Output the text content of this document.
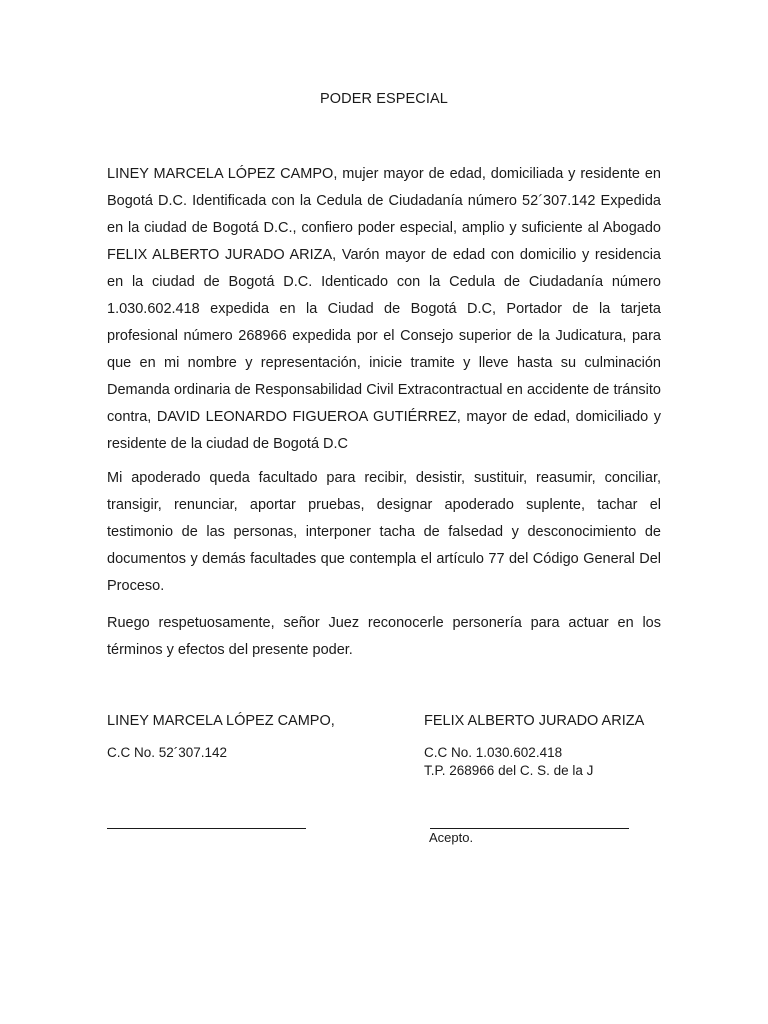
PODER ESPECIAL

LINEY MARCELA LÓPEZ CAMPO, mujer mayor de edad, domiciliada y residente en Bogotá D.C. Identificada con la Cedula de Ciudadanía número 52´307.142 Expedida en la ciudad de Bogotá D.C., confiero poder especial, amplio y suficiente al Abogado FELIX ALBERTO JURADO ARIZA, Varón mayor de edad con domicilio y residencia en la ciudad de Bogotá D.C. Identicado con la Cedula de Ciudadanía número 1.030.602.418 expedida en la Ciudad de Bogotá D.C, Portador de la tarjeta profesional número 268966 expedida por el Consejo superior de la Judicatura, para que en mi nombre y representación, inicie tramite y lleve hasta su culminación Demanda ordinaria de Responsabilidad Civil Extracontractual en accidente de tránsito contra, DAVID LEONARDO FIGUEROA GUTIÉRREZ, mayor de edad, domiciliado y residente de la ciudad de Bogotá D.C

Mi apoderado queda facultado para recibir, desistir, sustituir, reasumir, conciliar, transigir, renunciar, aportar pruebas, designar apoderado suplente, tachar el testimonio de las personas, interponer tacha de falsedad y desconocimiento de documentos y demás facultades que contempla el artículo 77 del Código General Del Proceso.

Ruego respetuosamente, señor Juez reconocerle personería para actuar en los términos y efectos del presente poder.

LINEY MARCELA LÓPEZ CAMPO,	FELIX ALBERTO JURADO ARIZA
C.C No. 52´307.142	C.C No. 1.030.602.418
T.P. 268966 del C. S. de la J
Acepto.
